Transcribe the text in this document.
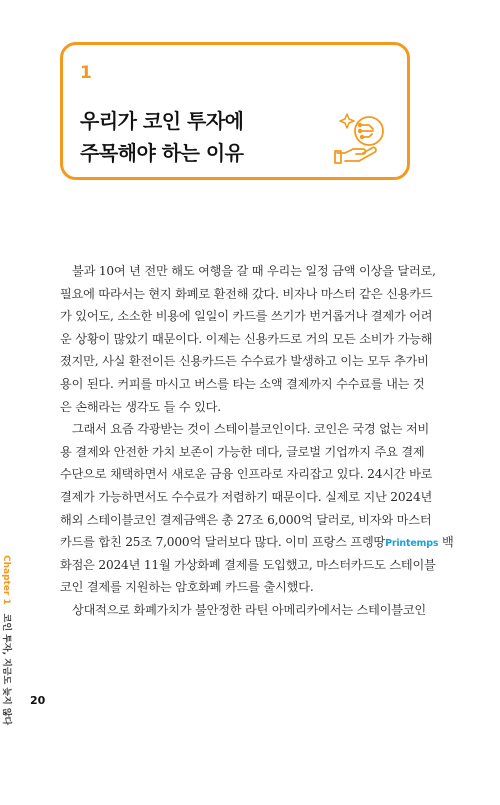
1
우리가 코인 투자에
주목해야 하는 이유
불과 10여 년 전만 해도 여행을 갈 때 우리는 일정 금액 이상을 달러로,
필요에 따라서는 현지 화폐로 환전해 갔다. 비자나 마스터 같은 신용카드
가 있어도, 소소한 비용에 일일이 카드를 쓰기가 번거롭거나 결제가 어려
운 상황이 많았기 때문이다. 이제는 신용카드로 거의 모든 소비가 가능해
졌지만, 사실 환전이든 신용카드든 수수료가 발생하고 이는 모두 추가비
용이 된다. 커피를 마시고 버스를 타는 소액 결제까지 수수료를 내는 것
은 손해라는 생각도 들 수 있다.
그래서 요즘 각광받는 것이 스테이블코인이다. 코인은 국경 없는 저비
용 결제와 안전한 가치 보존이 가능한 데다, 글로벌 기업까지 주요 결제
수단으로 채택하면서 새로운 금융 인프라로 자리잡고 있다. 24시간 바로
결제가 가능하면서도 수수료가 저렴하기 때문이다. 실제로 지난 2024년
해외 스테이블코인 결제금액은 총 27조 6,000억 달러로, 비자와 마스터
카드를 합친 25조 7,000억 달러보다 많다. 이미 프랑스 프렝땅 Printemps 백
화점은 2024년 11월 가상화폐 결제를 도입했고, 마스터카드도 스테이블
코인 결제를 지원하는 암호화폐 카드를 출시했다.
상대적으로 화폐가치가 불안정한 라틴 아메리카에서는 스테이블코인
Chapter 1 코인 투자, 지금도 늦지 않다 20
